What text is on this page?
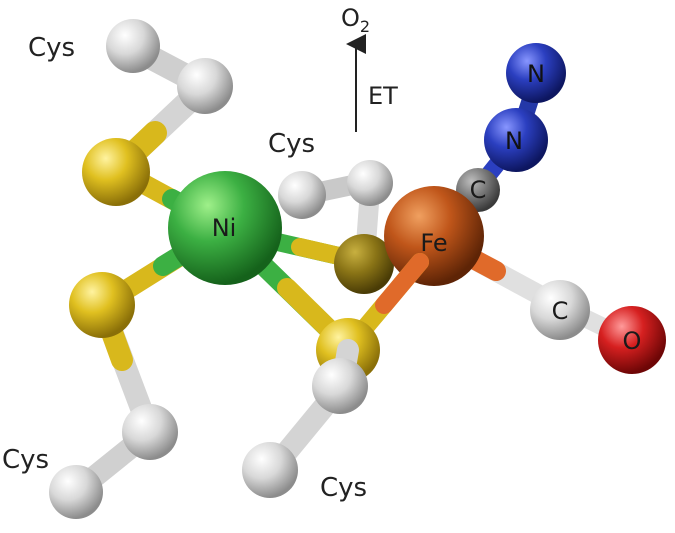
Ni
Fe
C
N
N
C
O
Cys
Cys
Cys
Cys
$O_2$
ET
